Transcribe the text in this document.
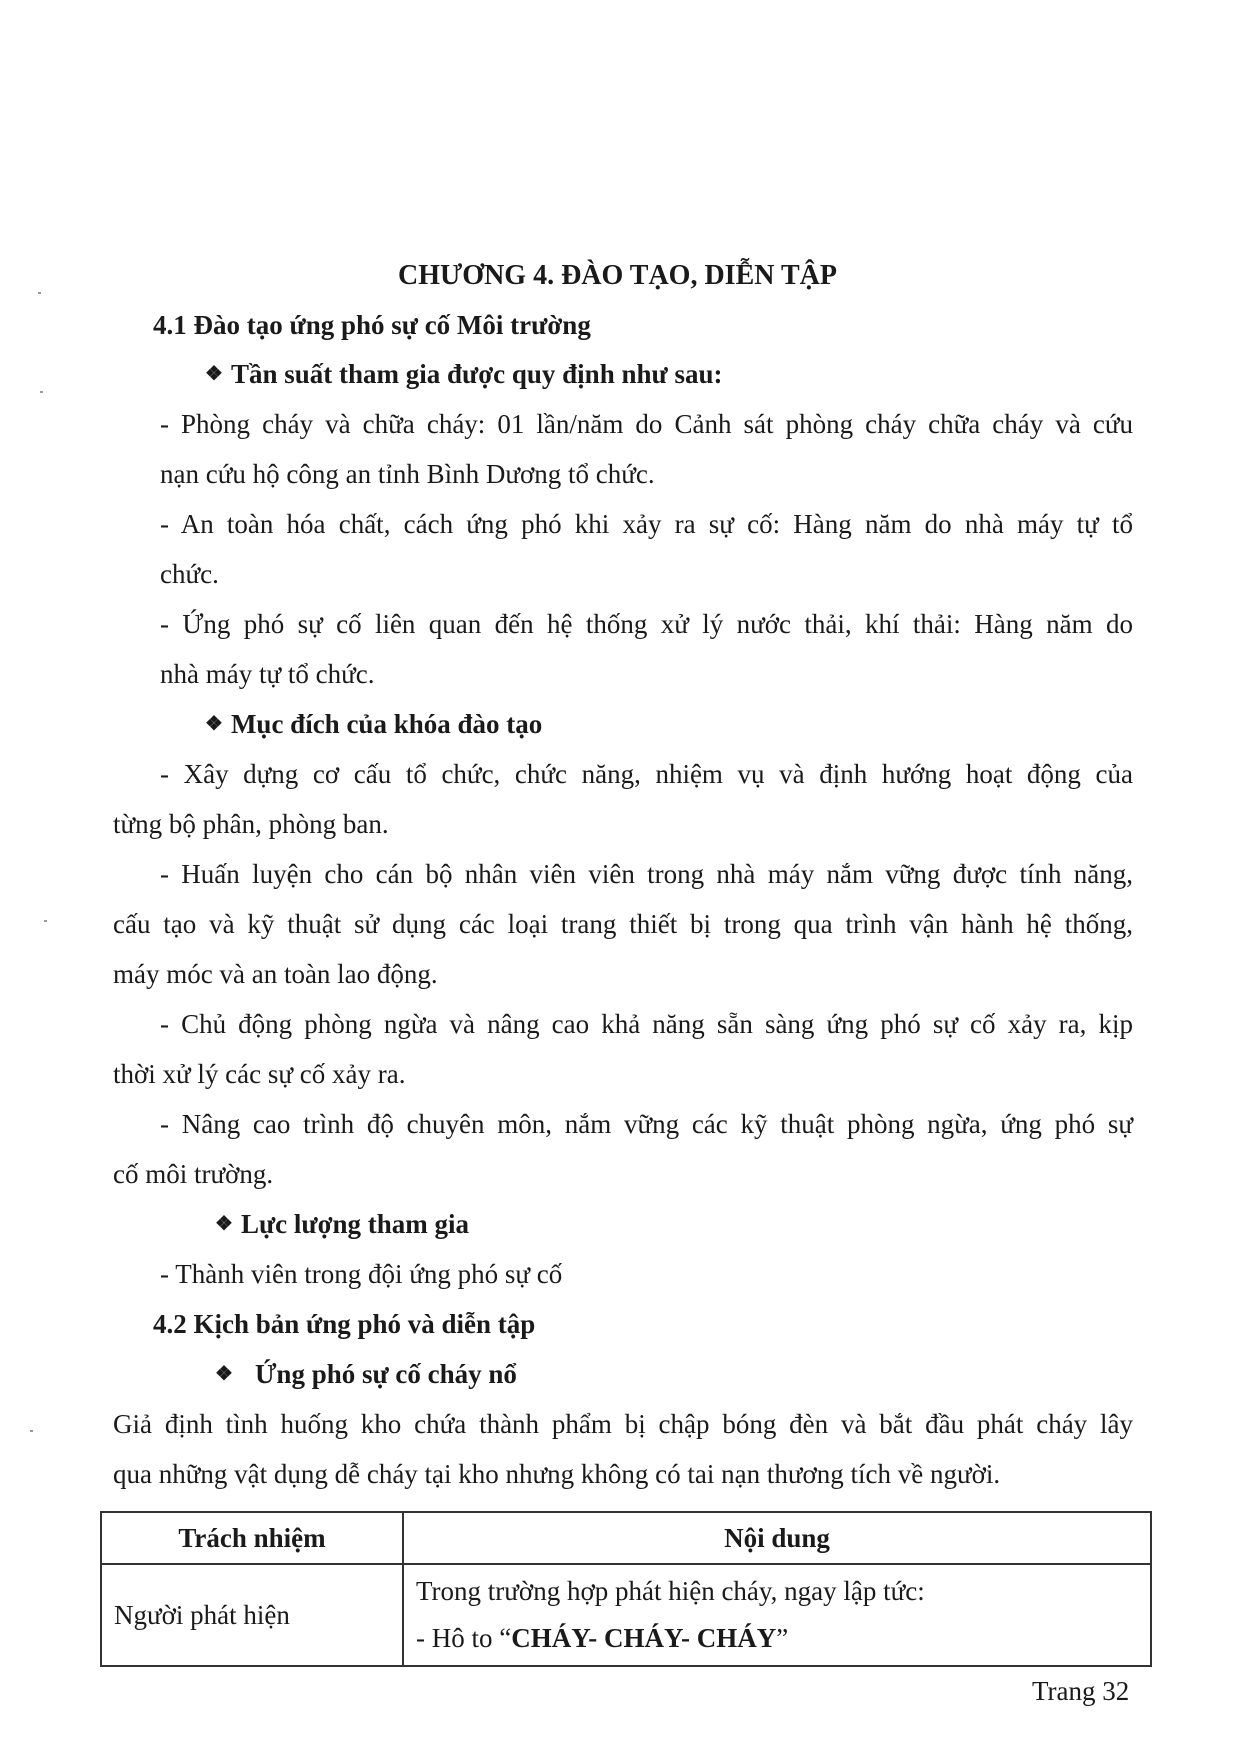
CHƯƠNG 4. ĐÀO TẠO, DIỄN TẬP
4.1 Đào tạo ứng phó sự cố Môi trường
❖ Tần suất tham gia được quy định như sau:
- Phòng cháy và chữa cháy: 01 lần/năm do Cảnh sát phòng cháy chữa cháy và cứu
nạn cứu hộ công an tỉnh Bình Dương tổ chức.
- An toàn hóa chất, cách ứng phó khi xảy ra sự cố: Hàng năm do nhà máy tự tổ
chức.
- Ứng phó sự cố liên quan đến hệ thống xử lý nước thải, khí thải: Hàng năm do
nhà máy tự tổ chức.
❖ Mục đích của khóa đào tạo
- Xây dựng cơ cấu tổ chức, chức năng, nhiệm vụ và định hướng hoạt động của
từng bộ phân, phòng ban.
- Huấn luyện cho cán bộ nhân viên viên trong nhà máy nắm vững được tính năng,
cấu tạo và kỹ thuật sử dụng các loại trang thiết bị trong qua trình vận hành hệ thống,
máy móc và an toàn lao động.
- Chủ động phòng ngừa và nâng cao khả năng sẵn sàng ứng phó sự cố xảy ra, kịp
thời xử lý các sự cố xảy ra.
- Nâng cao trình độ chuyên môn, nắm vững các kỹ thuật phòng ngừa, ứng phó sự
cố môi trường.
❖ Lực lượng tham gia
- Thành viên trong đội ứng phó sự cố
4.2 Kịch bản ứng phó và diễn tập
❖ Ứng phó sự cố cháy nổ
Giả định tình huống kho chứa thành phẩm bị chập bóng đèn và bắt đầu phát cháy lây
qua những vật dụng dễ cháy tại kho nhưng không có tai nạn thương tích về người.
Trách nhiệm	Nội dung
Người phát hiện	Trong trường hợp phát hiện cháy, ngay lập tức:
- Hô to “CHÁY- CHÁY- CHÁY”
Trang 32
